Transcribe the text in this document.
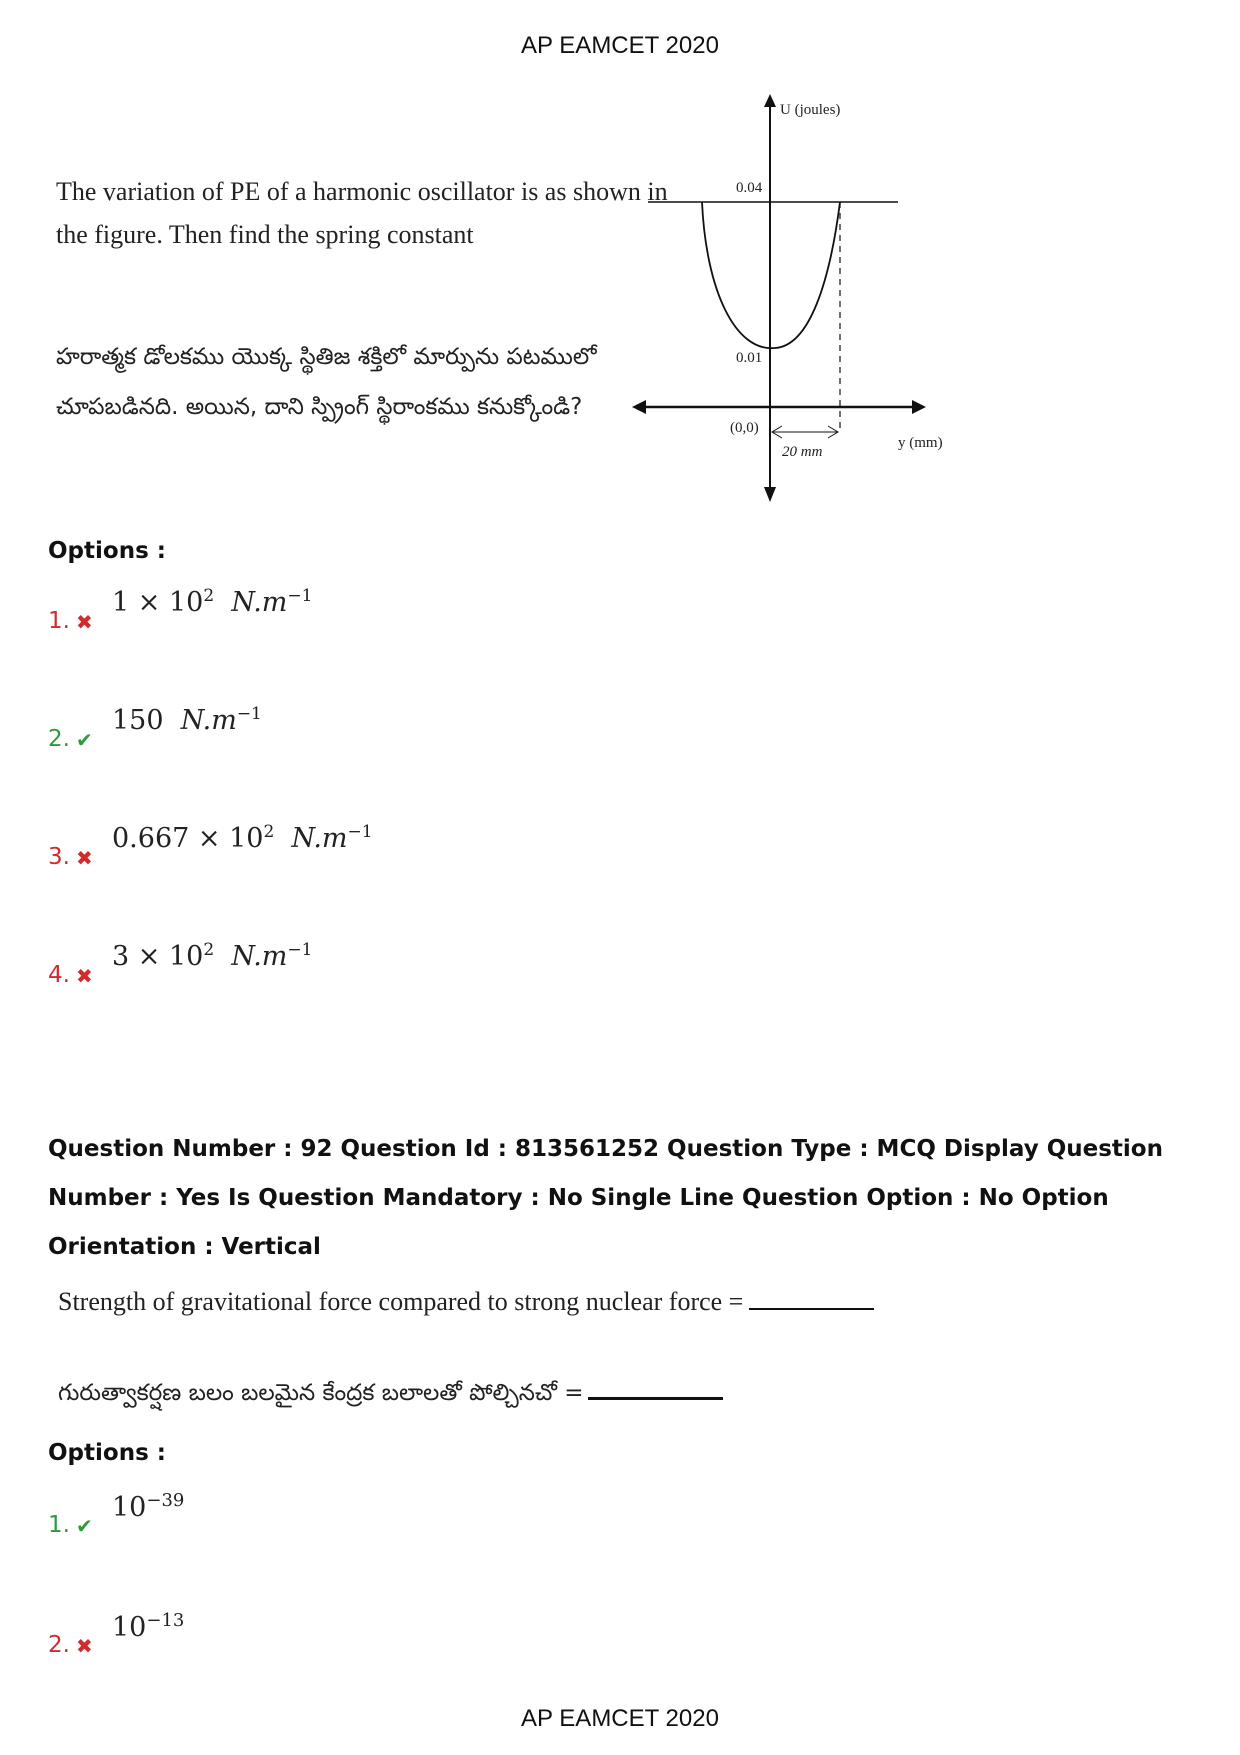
AP EAMCET 2020
The variation of PE of a harmonic oscillator is as shown in
the figure. Then find the spring constant
హరాత్మక డోలకము యొక్క స్థితిజ శక్తిలో మార్పును పటములో
చూపబడినది. అయిన, దాని స్ప్రింగ్ స్థిరాంకము కనుక్కోండి?
U (joules)
0.04
0.01
(0,0)
20 mm
y (mm)
Options :
1. ✖
$1 \times 10^2$ $N.m^{-1}$
2. ✔
150 $N.m^{-1}$
3. ✖
$0.667 \times 10^2$ $N.m^{-1}$
4. ✖
$3 \times 10^2$ $N.m^{-1}$
Question Number : 92 Question Id : 813561252 Question Type : MCQ Display Question
Number : Yes Is Question Mandatory : No Single Line Question Option : No Option
Orientation : Vertical
Strength of gravitational force compared to strong nuclear force =
గురుత్వాకర్షణ బలం బలమైన కేంద్రక బలాలతో పోల్చినచో =
Options :
1. ✔
$10^{-39}$
2. ✖
$10^{-13}$
AP EAMCET 2020
